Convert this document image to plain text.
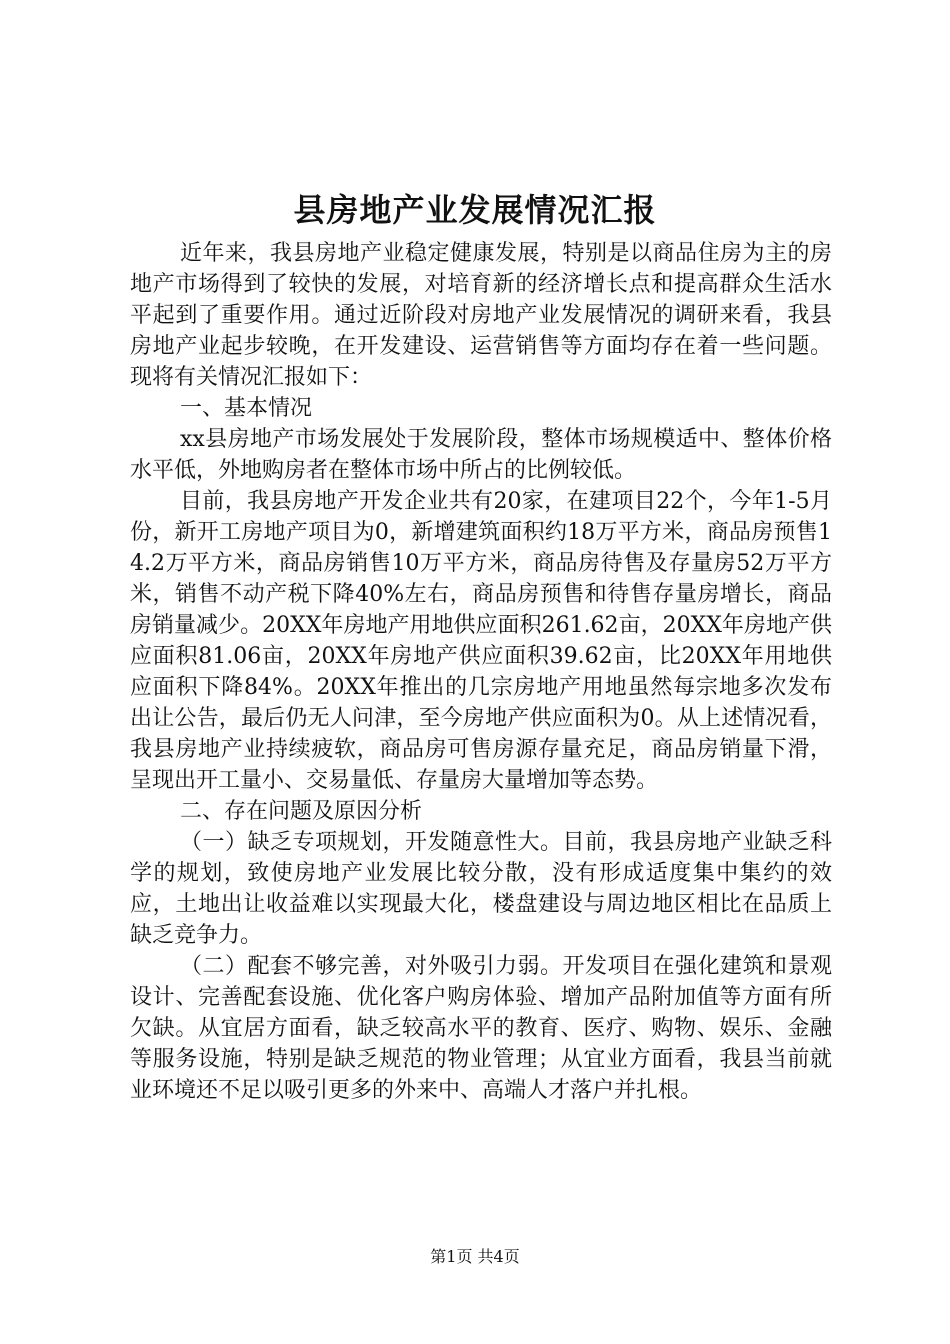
县房地产业发展情况汇报

近年来，我县房地产业稳定健康发展，特别是以商品住房为主的房地产市场得到了较快的发展，对培育新的经济增长点和提高群众生活水平起到了重要作用。通过近阶段对房地产业发展情况的调研来看，我县房地产业起步较晚，在开发建设、运营销售等方面均存在着一些问题。现将有关情况汇报如下：

一、基本情况

xx县房地产市场发展处于发展阶段，整体市场规模适中、整体价格水平低，外地购房者在整体市场中所占的比例较低。

目前，我县房地产开发企业共有20家，在建项目22个，今年1-5月份，新开工房地产项目为0，新增建筑面积约18万平方米，商品房预售14.2万平方米，商品房销售10万平方米，商品房待售及存量房52万平方米，销售不动产税下降40%左右，商品房预售和待售存量房增长，商品房销量减少。20XX年房地产用地供应面积261.62亩，20XX年房地产供应面积81.06亩，20XX年房地产供应面积39.62亩，比20XX年用地供应面积下降84%。20XX年推出的几宗房地产用地虽然每宗地多次发布出让公告，最后仍无人问津，至今房地产供应面积为0。从上述情况看，我县房地产业持续疲软，商品房可售房源存量充足，商品房销量下滑，呈现出开工量小、交易量低、存量房大量增加等态势。

二、存在问题及原因分析

（一）缺乏专项规划，开发随意性大。目前，我县房地产业缺乏科学的规划，致使房地产业发展比较分散，没有形成适度集中集约的效应，土地出让收益难以实现最大化，楼盘建设与周边地区相比在品质上缺乏竞争力。

（二）配套不够完善，对外吸引力弱。开发项目在强化建筑和景观设计、完善配套设施、优化客户购房体验、增加产品附加值等方面有所欠缺。从宜居方面看，缺乏较高水平的教育、医疗、购物、娱乐、金融等服务设施，特别是缺乏规范的物业管理；从宜业方面看，我县当前就业环境还不足以吸引更多的外来中、高端人才落户并扎根。

第1页 共4页
